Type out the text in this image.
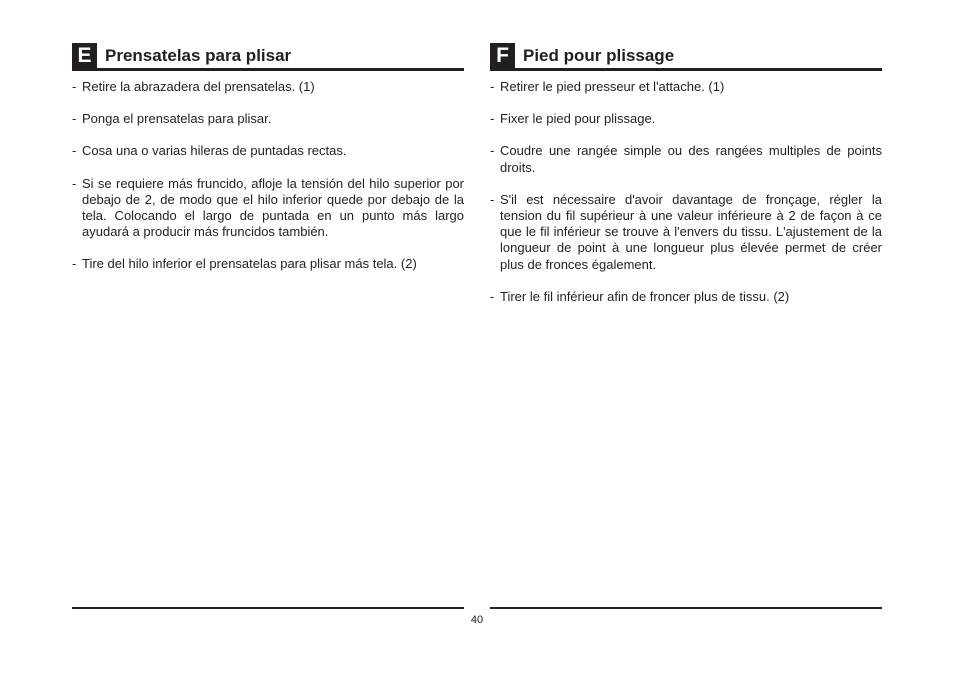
E Prensatelas para plisar
- Retire la abrazadera del prensatelas. (1)
- Ponga el prensatelas para plisar.
- Cosa una o varias hileras de puntadas rectas.
- Si se requiere más fruncido, afloje la tensión del hilo superior por debajo de 2, de modo que el hilo inferior quede por debajo de la tela. Colocando el largo de puntada en un punto más largo ayudará a producir más fruncidos también.
- Tire del hilo inferior el prensatelas para plisar más tela. (2)
F Pied pour plissage
- Retirer le pied presseur et l'attache. (1)
- Fixer le pied pour plissage.
- Coudre une rangée simple ou des rangées multiples de points droits.
- S'il est nécessaire d'avoir davantage de fronçage, régler la tension du fil supérieur à une valeur inférieure à 2 de façon à ce que le fil inférieur se trouve à l'envers du tissu. L'ajustement de la longueur de point à une longueur plus élevée permet de créer plus de fronces également.
- Tirer le fil inférieur afin de froncer plus de tissu. (2)
40
